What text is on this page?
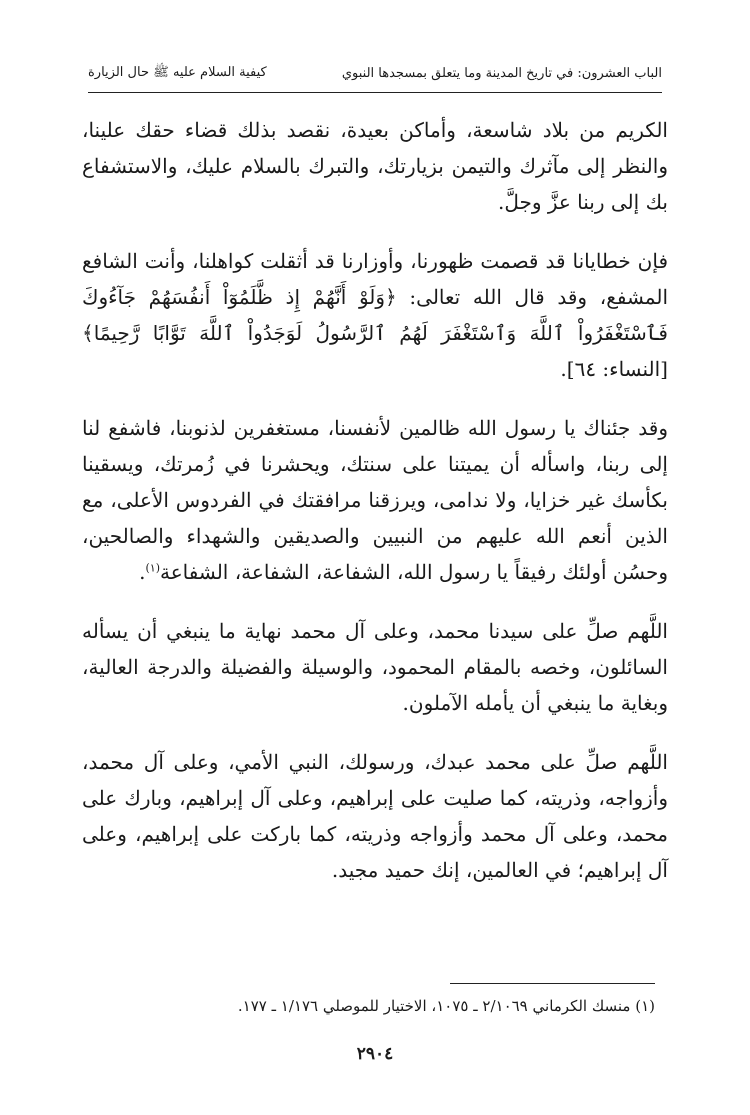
الباب العشرون: في تاريخ المدينة وما يتعلق بمسجدها النبوي
كيفية السلام عليه ﷺ حال الزيارة

الكريم من بلاد شاسعة، وأماكن بعيدة، نقصد بذلك قضاء حقك علينا، والنظر إلى مآثرك والتيمن بزيارتك، والتبرك بالسلام عليك، والاستشفاع بك إلى ربنا عزَّ وجلَّ.

فإن خطايانا قد قصمت ظهورنا، وأوزارنا قد أثقلت كواهلنا، وأنت الشافع المشفع، وقد قال الله تعالى: ﴿وَلَوْ أَنَّهُمْ إِذ ظَّلَمُوٓاْ أَنفُسَهُمْ جَآءُوكَ فَٱسْتَغْفَرُواْ ٱللَّهَ وَٱسْتَغْفَرَ لَهُمُ ٱلرَّسُولُ لَوَجَدُواْ ٱللَّهَ تَوَّابًا رَّحِيمًا﴾ [النساء: ٦٤].

وقد جئناك يا رسول الله ظالمين لأنفسنا، مستغفرين لذنوبنا، فاشفع لنا إلى ربنا، واسأله أن يميتنا على سنتك، ويحشرنا في زُمرتك، ويسقينا بكأسك غير خزايا، ولا ندامى، ويرزقنا مرافقتك في الفردوس الأعلى، مع الذين أنعم الله عليهم من النبيين والصديقين والشهداء والصالحين، وحسُن أولئك رفيقاً يا رسول الله، الشفاعة، الشفاعة، الشفاعة$^{(١)}$.

اللَّهم صلِّ على سيدنا محمد، وعلى آل محمد نهاية ما ينبغي أن يسأله السائلون، وخصه بالمقام المحمود، والوسيلة والفضيلة والدرجة العالية، وبغاية ما ينبغي أن يأمله الآملون.

اللَّهم صلِّ على محمد عبدك، ورسولك، النبي الأمي، وعلى آل محمد، وأزواجه، وذريته، كما صليت على إبراهيم، وعلى آل إبراهيم، وبارك على محمد، وعلى آل محمد وأزواجه وذريته، كما باركت على إبراهيم، وعلى آل إبراهيم؛ في العالمين، إنك حميد مجيد.

(١) منسك الكرماني ٢/١٠٦٩ ـ ١٠٧٥، الاختيار للموصلي ١/١٧٦ ـ ١٧٧.
٢٩٠٤
